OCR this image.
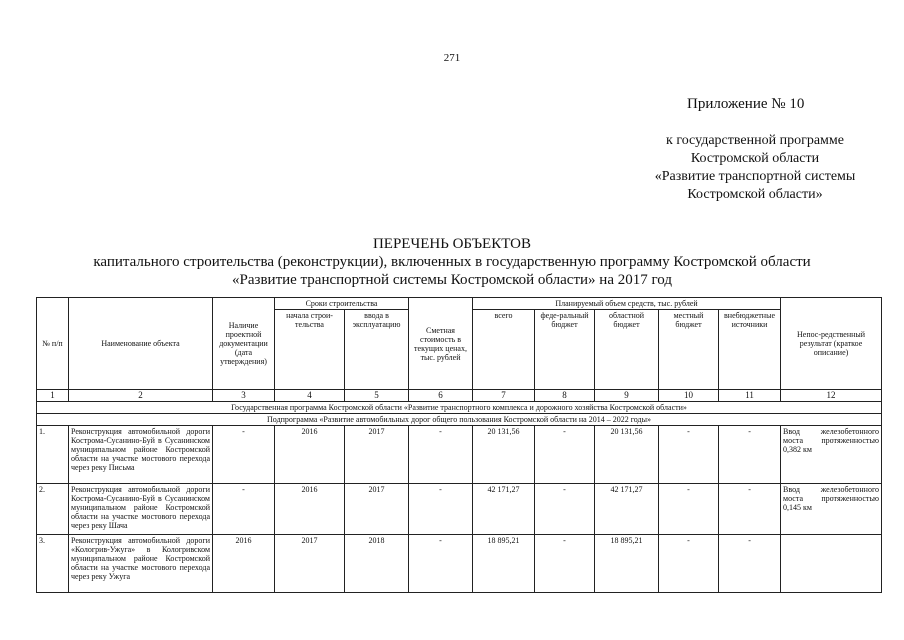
271
Приложение № 10
к государственной программе
Костромской области
«Развитие транспортной системы
Костромской области»
ПЕРЕЧЕНЬ ОБЪЕКТОВ
капитального строительства (реконструкции), включенных в государственную программу Костромской области
«Развитие транспортной системы Костромской области» на 2017 год
№ п/п	Наименование объекта	Наличие проектной документации (дата утверждения)	Сроки строительства		Сметная стоимость в текущих ценах, тыс. рублей	Планируемый объем средств, тыс. рублей					Непос-редственный результат (краткое описание)
			начала строи-тельства	ввода в эксплуатацию		всего	феде-ральный бюджет	областной бюджет	местный бюджет	внебюджетные источники	
1	2	3	4	5	6	7	8	9	10	11	12
Государственная программа Костромской области «Развитие транспортного комплекса и дорожного хозяйства Костромской области»											
Подпрограмма «Развитие автомобильных дорог общего пользования Костромской области на 2014 – 2022 годы»											
1.	Реконструкция автомобильной дороги Кострома-Сусанино-Буй в Сусанинском муниципальном районе Костромской области на участке мостового перехода через реку Письма	-	2016	2017	-	20 131,56	-	20 131,56	-	-	Ввод железобетонного моста протяженностью 0,382 км
2.	Реконструкция автомобильной дороги Кострома-Сусанино-Буй в Сусанинском муниципальном районе Костромской области на участке мостового перехода через реку Шача	-	2016	2017	-	42 171,27	-	42 171,27	-	-	Ввод железобетонного моста протяженностью 0,145 км
3.	Реконструкция автомобильной дороги «Кологрив-Ужуга» в Кологривском муниципальном районе Костромской области на участке мостового перехода через реку Ужуга	2016	2017	2018	-	18 895,21	-	18 895,21	-	-	
